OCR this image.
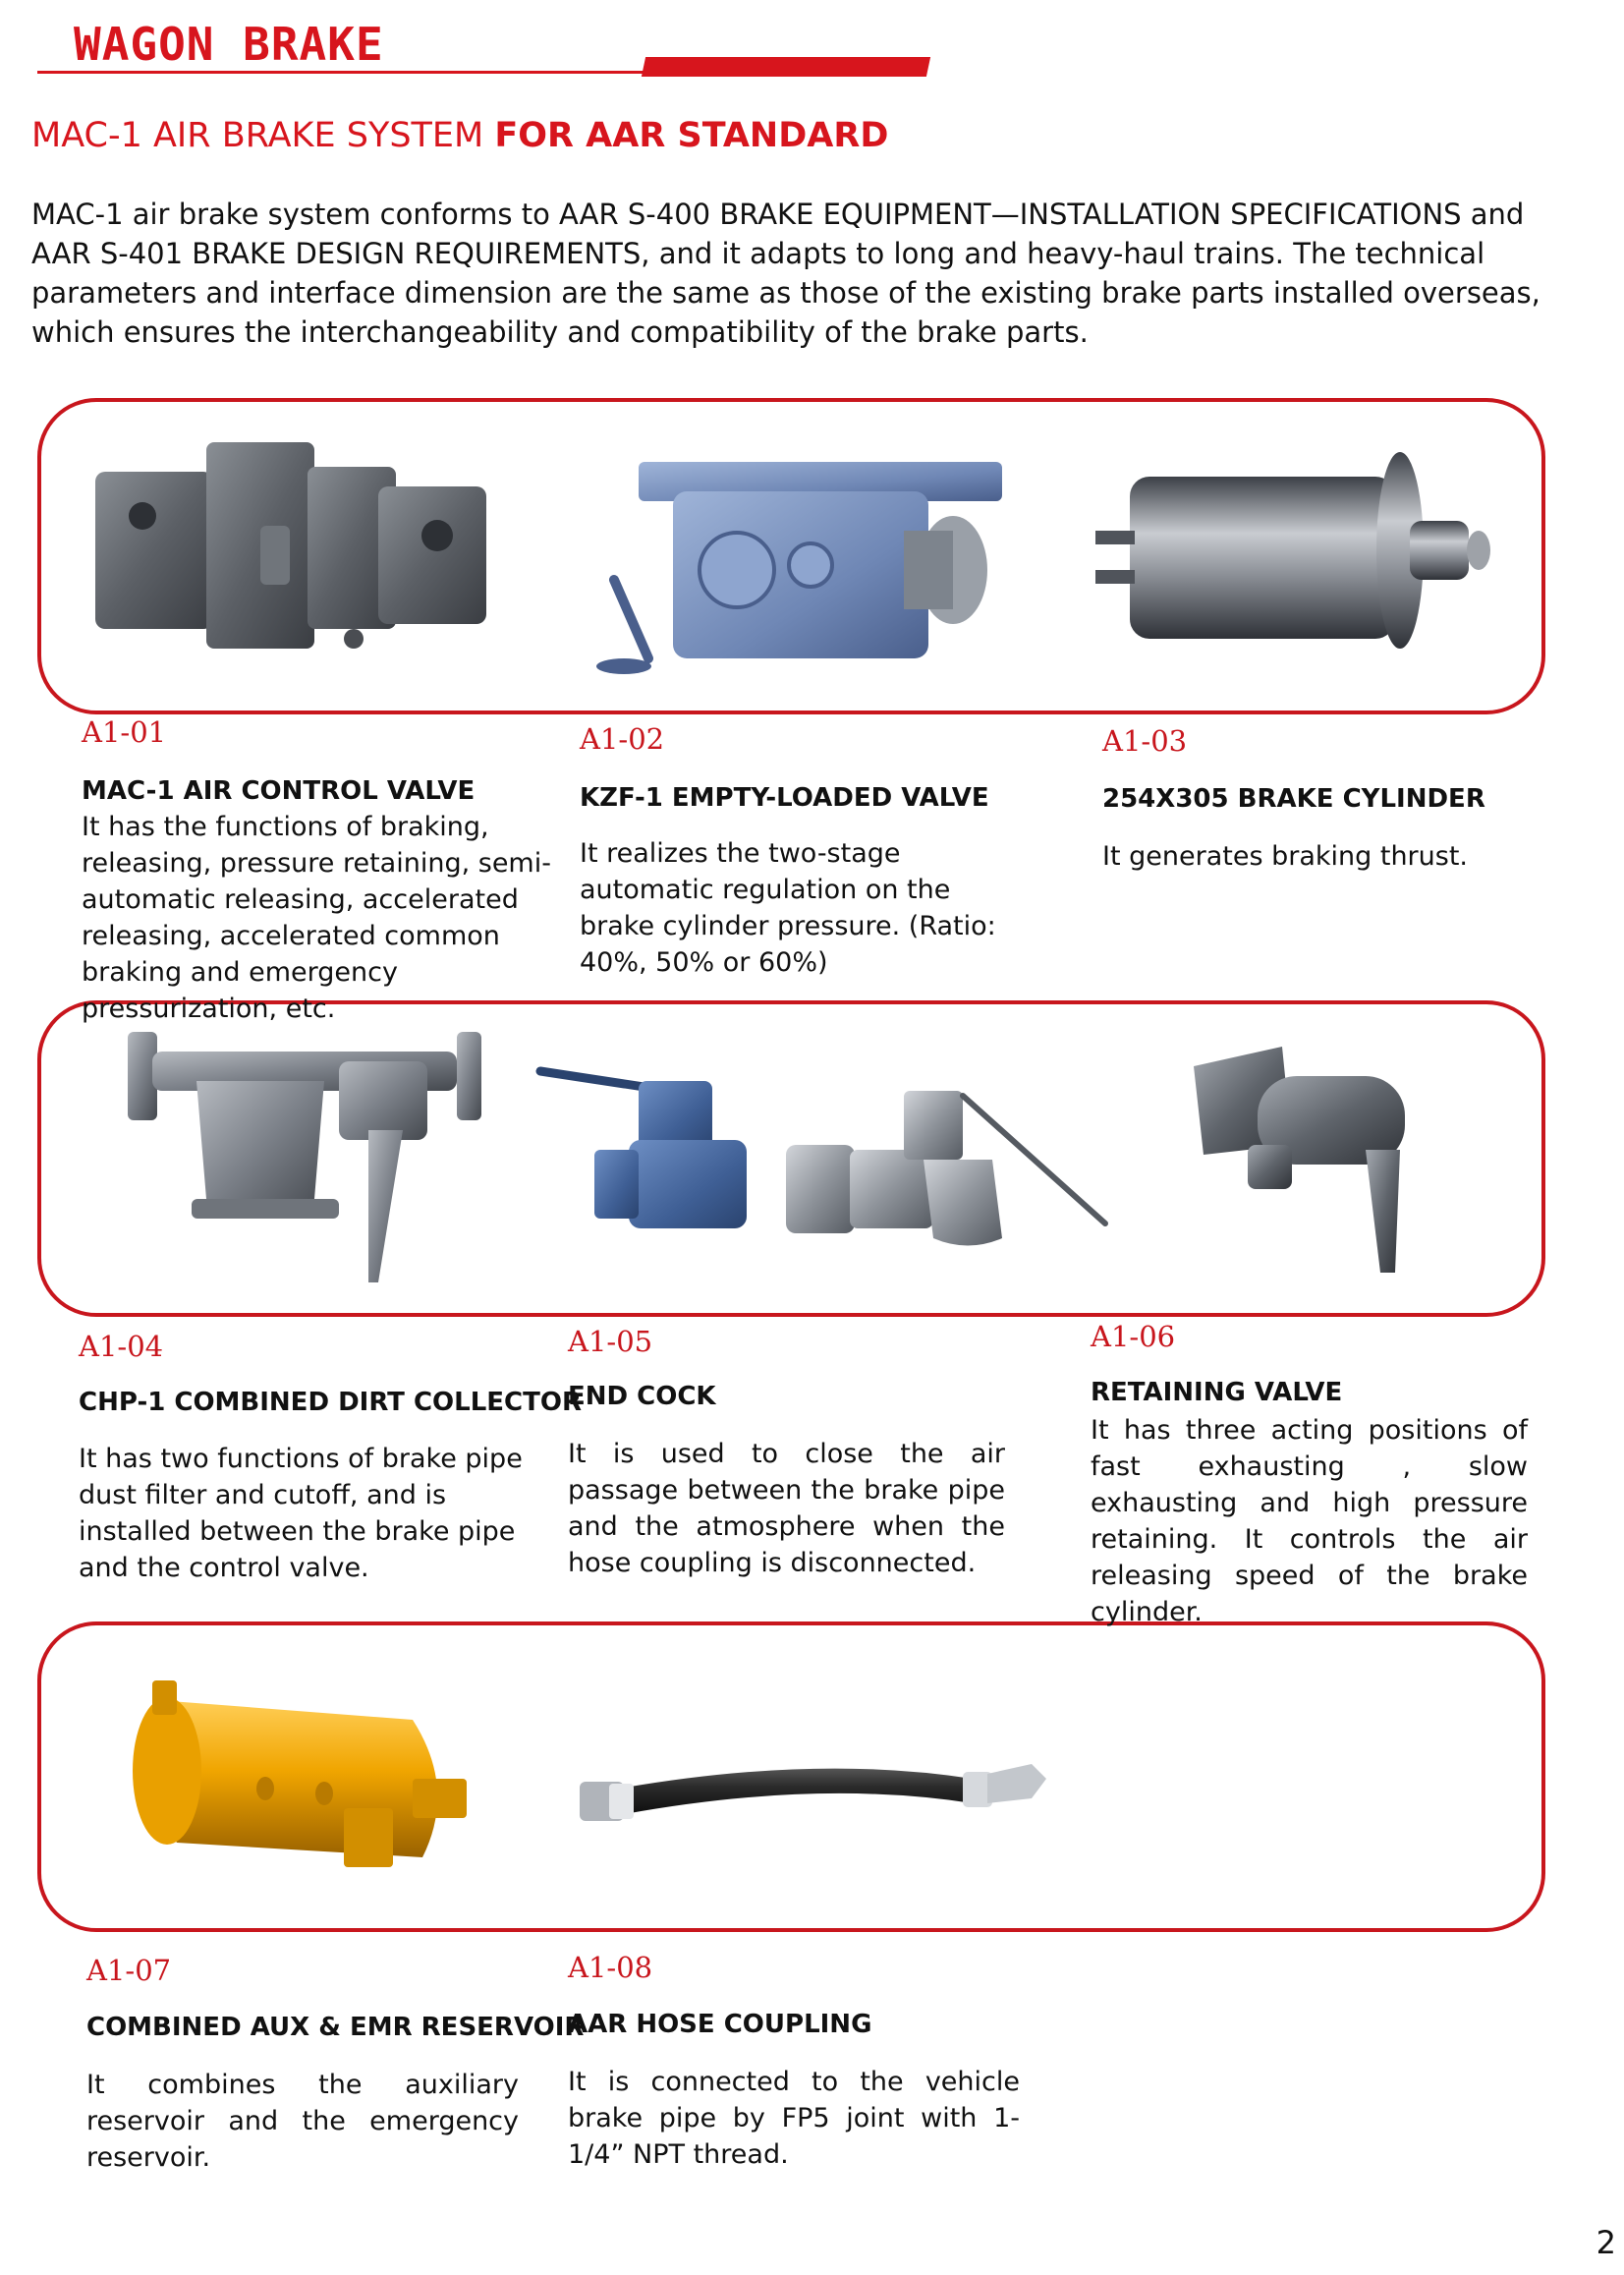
WAGON BRAKE
MAC-1 AIR BRAKE SYSTEM FOR AAR STANDARD
MAC-1 air brake system conforms to AAR S-400 BRAKE EQUIPMENT—INSTALLATION SPECIFICATIONS and AAR S-401 BRAKE DESIGN REQUIREMENTS, and it adapts to long and heavy-haul trains. The technical parameters and interface dimension are the same as those of the existing brake parts installed overseas, which ensures the interchangeability and compatibility of the brake parts.
A1-01
MAC-1 AIR CONTROL VALVE
It has the functions of braking, releasing, pressure retaining, semi-automatic releasing, accelerated releasing, accelerated common braking and emergency pressurization, etc.
A1-02
KZF-1 EMPTY-LOADED VALVE
It realizes the two-stage automatic regulation on the brake cylinder pressure. (Ratio: 40%, 50% or 60%)
A1-03
254X305 BRAKE CYLINDER
It generates braking thrust.
A1-04
CHP-1 COMBINED DIRT COLLECTOR
It has two functions of brake pipe dust filter and cutoff, and is installed between the brake pipe and the control valve.
A1-05
END COCK
It is used to close the air passage between the brake pipe and the atmosphere when the hose coupling is disconnected.
A1-06
RETAINING VALVE
It has three acting positions of fast exhausting , slow exhausting and high pressure retaining. It controls the air releasing speed of the brake cylinder.
A1-07
COMBINED AUX & EMR RESERVOIR
It combines the auxiliary reservoir and the emergency reservoir.
A1-08
AAR HOSE COUPLING
It is connected to the vehicle brake pipe by FP5 joint with 1-1/4” NPT thread.
2
